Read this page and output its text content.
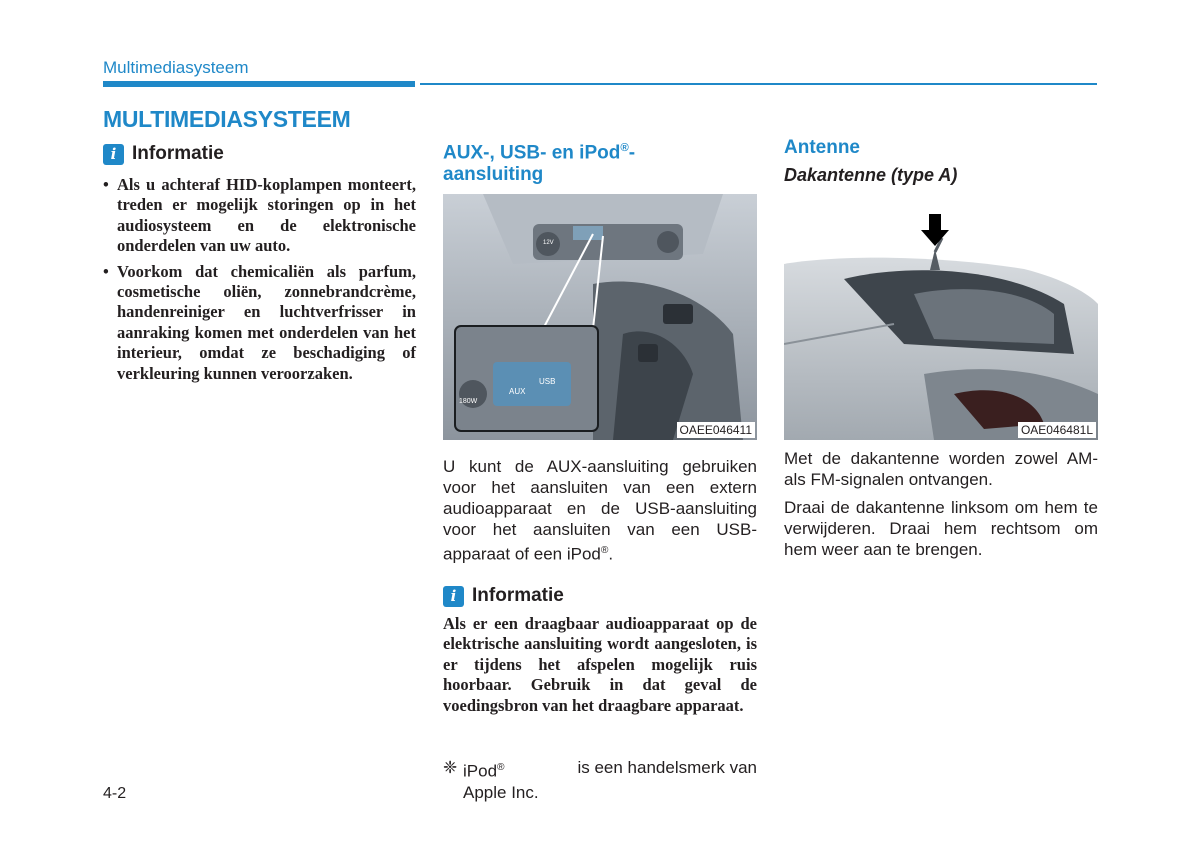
Multimediasysteem
MULTIMEDIASYSTEEM
i Informatie
• Als u achteraf HID-koplampen monteert, treden er mogelijk storingen op in het audiosysteem en de elektronische onderdelen van uw auto.
• Voorkom dat chemicaliën als parfum, cosmetische oliën, zonnebrandcrème, handenreiniger en luchtverfrisser in aanraking komen met onderdelen van het interieur, omdat ze beschadiging of verkleuring kunnen veroorzaken.
AUX-, USB- en iPod®-
aansluiting
AUX
USB
12V
180W
OAEE046411

U kunt de AUX-aansluiting gebruiken voor het aansluiten van een extern audioapparaat en de USB-aansluiting voor het aansluiten van een USB-apparaat of een iPod®.

i Informatie
Als er een draagbaar audioapparaat op de elektrische aansluiting wordt aangesloten, is er tijdens het afspelen mogelijk ruis hoorbaar. Gebruik in dat geval de voedingsbron van het draagbare apparaat.
❈ iPod®	is een handelsmerk van
Apple Inc.
Antenne
Dakantenne (type A)
OAE046481L

Met de dakantenne worden zowel AM- als FM-signalen ontvangen.

Draai de dakantenne linksom om hem te verwijderen. Draai hem rechtsom om hem weer aan te brengen.

4-2
